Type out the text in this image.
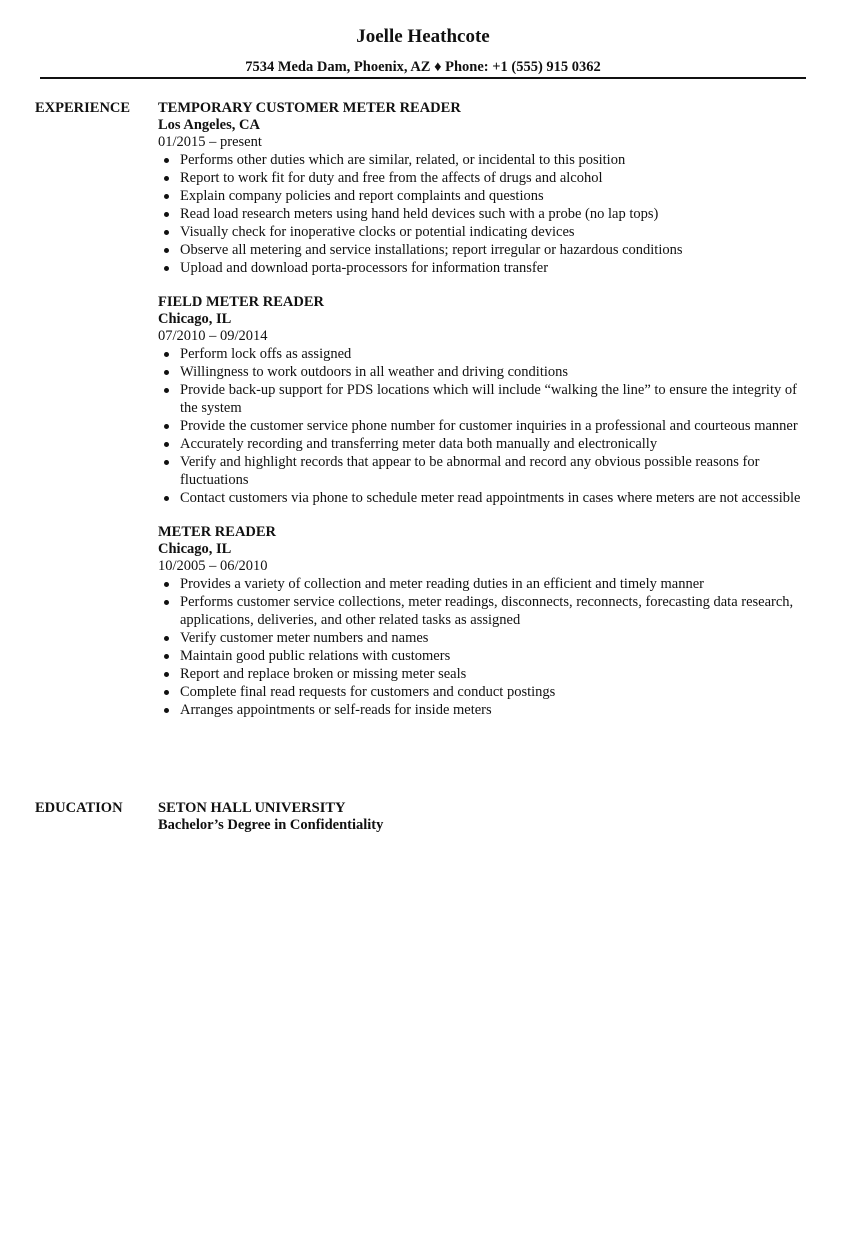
Joelle Heathcote
7534 Meda Dam, Phoenix, AZ ♦ Phone: +1 (555) 915 0362
EXPERIENCE TEMPORARY CUSTOMER METER READER
Los Angeles, CA
01/2015 – present
Performs other duties which are similar, related, or incidental to this position
Report to work fit for duty and free from the affects of drugs and alcohol
Explain company policies and report complaints and questions
Read load research meters using hand held devices such with a probe (no lap tops)
Visually check for inoperative clocks or potential indicating devices
Observe all metering and service installations; report irregular or hazardous conditions
Upload and download porta-processors for information transfer
FIELD METER READER
Chicago, IL
07/2010 – 09/2014
Perform lock offs as assigned
Willingness to work outdoors in all weather and driving conditions
Provide back-up support for PDS locations which will include “walking the line” to ensure the integrity of the system
Provide the customer service phone number for customer inquiries in a professional and courteous manner
Accurately recording and transferring meter data both manually and electronically
Verify and highlight records that appear to be abnormal and record any obvious possible reasons for fluctuations
Contact customers via phone to schedule meter read appointments in cases where meters are not accessible
METER READER
Chicago, IL
10/2005 – 06/2010
Provides a variety of collection and meter reading duties in an efficient and timely manner
Performs customer service collections, meter readings, disconnects, reconnects, forecasting data research, applications, deliveries, and other related tasks as assigned
Verify customer meter numbers and names
Maintain good public relations with customers
Report and replace broken or missing meter seals
Complete final read requests for customers and conduct postings
Arranges appointments or self-reads for inside meters
EDUCATION SETON HALL UNIVERSITY
Bachelor’s Degree in Confidentiality
